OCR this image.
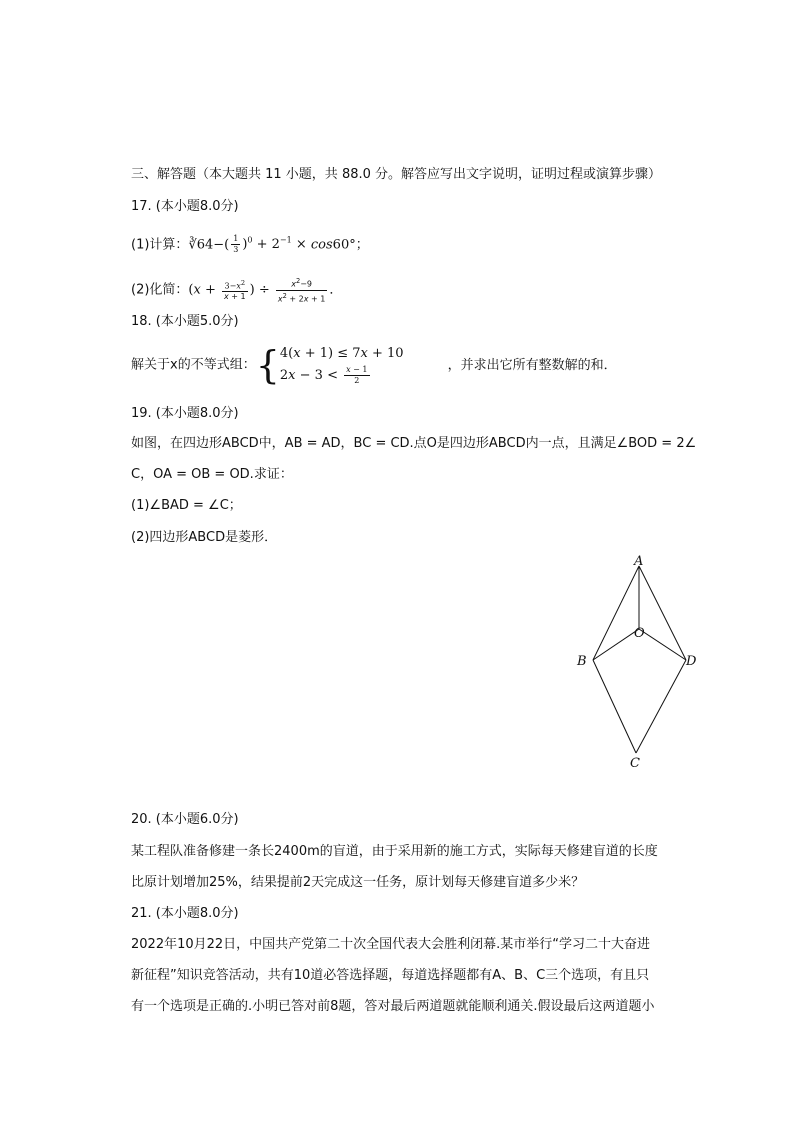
三、解答题（本大题共 11 小题，共 88.0 分。解答应写出文字说明，证明过程或演算步骤）
17. (本小题8.0分)
(1)计算：∛64−( $\frac{1}{3} )^0 + 2^{-1} \times \cos 60^\circ$；
(2)化简：($x + \frac{3-x^2}{x + 1}$ ) ÷ $\frac{x^2-9}{x^2 + 2x + 1}$ ．
18. (本小题5.0分)
解关于x的不等式组：{ 4(x + 1) ≤ 7x + 10
$2x - 3 < \frac{x - 1}{2}$	，并求出它所有整数解的和．
19. (本小题8.0分)
如图，在四边形ABCD中，AB = AD，BC = CD.点O是四边形ABCD内一点，且满足∠BOD = 2∠
C，OA = OB = OD.求证：
(1)∠BAD = ∠C；
(2)四边形ABCD是菱形．
A
B	D
O
C
20. (本小题6.0分)
某工程队准备修建一条长2400m的盲道，由于采用新的施工方式，实际每天修建盲道的长度
比原计划增加25%，结果提前2天完成这一任务，原计划每天修建盲道多少米？
21. (本小题8.0分)
2022年10月22日，中国共产党第二十次全国代表大会胜利闭幕.某市举行“学习二十大奋进
新征程”知识竞答活动，共有10道必答选择题，每道选择题都有A、B、C三个选项，有且只
有一个选项是正确的.小明已答对前8题，答对最后两道题就能顺利通关.假设最后这两道题小
